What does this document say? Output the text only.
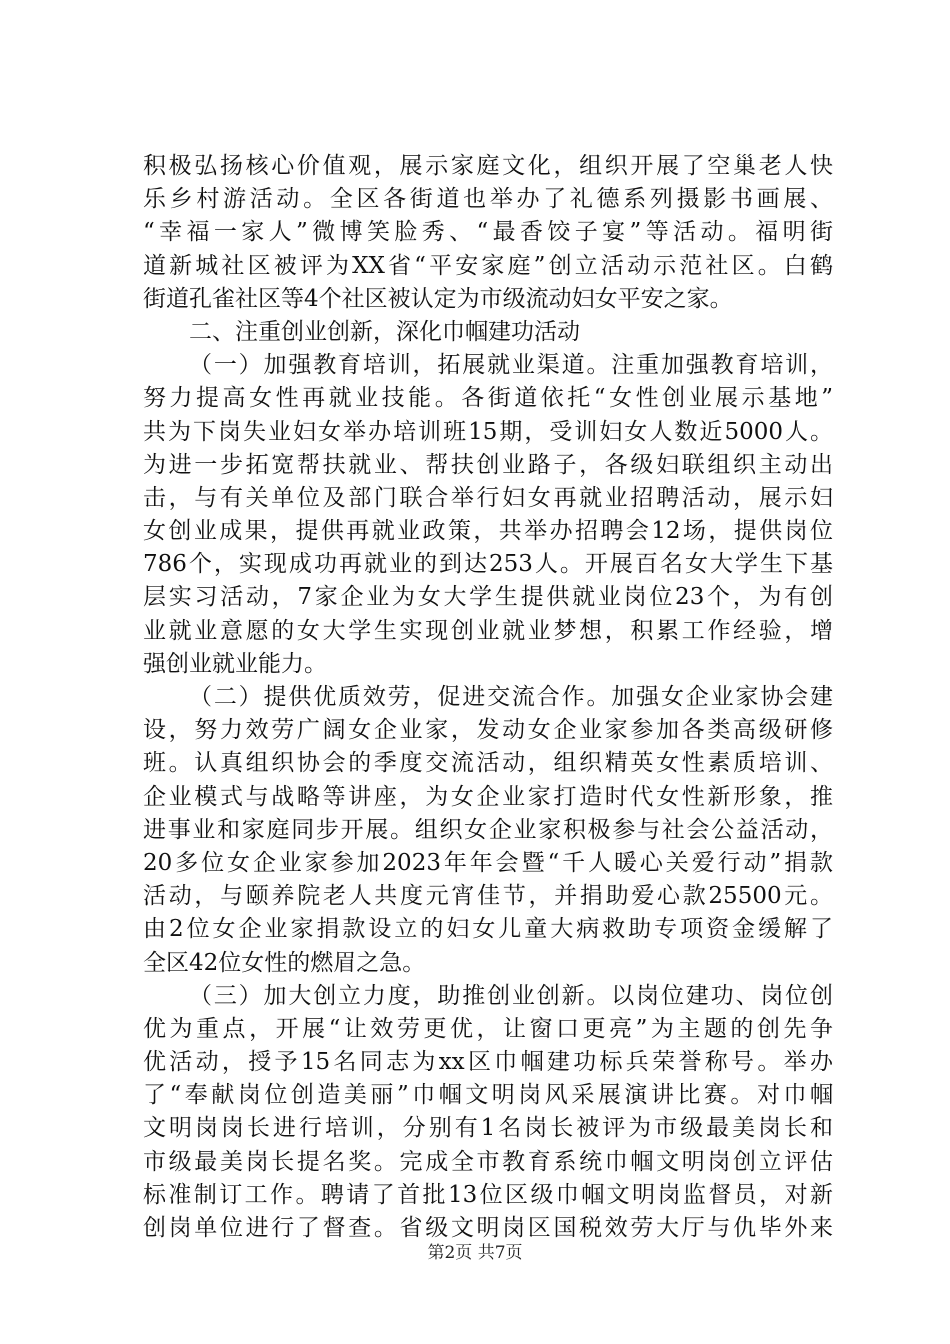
积极弘扬核心价值观，展示家庭文化，组织开展了空巢老人快
乐乡村游活动。全区各街道也举办了礼德系列摄影书画展、
“幸福一家人”微博笑脸秀、“最香饺子宴”等活动。福明街
道新城社区被评为XX省“平安家庭”创立活动示范社区。白鹤
街道孔雀社区等4个社区被认定为市级流动妇女平安之家。
二、注重创业创新，深化巾帼建功活动
（一）加强教育培训，拓展就业渠道。注重加强教育培训，
努力提高女性再就业技能。各街道依托“女性创业展示基地”
共为下岗失业妇女举办培训班15期，受训妇女人数近5000人。
为进一步拓宽帮扶就业、帮扶创业路子，各级妇联组织主动出
击，与有关单位及部门联合举行妇女再就业招聘活动，展示妇
女创业成果，提供再就业政策，共举办招聘会12场，提供岗位
786个，实现成功再就业的到达253人。开展百名女大学生下基
层实习活动，7家企业为女大学生提供就业岗位23个，为有创
业就业意愿的女大学生实现创业就业梦想，积累工作经验，增
强创业就业能力。
（二）提供优质效劳，促进交流合作。加强女企业家协会建
设，努力效劳广阔女企业家，发动女企业家参加各类高级研修
班。认真组织协会的季度交流活动，组织精英女性素质培训、
企业模式与战略等讲座，为女企业家打造时代女性新形象，推
进事业和家庭同步开展。组织女企业家积极参与社会公益活动，
20多位女企业家参加2023年年会暨“千人暖心关爱行动”捐款
活动，与颐养院老人共度元宵佳节，并捐助爱心款25500元。
由2位女企业家捐款设立的妇女儿童大病救助专项资金缓解了
全区42位女性的燃眉之急。
（三）加大创立力度，助推创业创新。以岗位建功、岗位创
优为重点，开展“让效劳更优，让窗口更亮”为主题的创先争
优活动，授予15名同志为xx区巾帼建功标兵荣誉称号。举办
了“奉献岗位创造美丽”巾帼文明岗风采展演讲比赛。对巾帼
文明岗岗长进行培训，分别有1名岗长被评为市级最美岗长和
市级最美岗长提名奖。完成全市教育系统巾帼文明岗创立评估
标准制订工作。聘请了首批13位区级巾帼文明岗监督员，对新
创岗单位进行了督查。省级文明岗区国税效劳大厅与仇毕外来
第2页 共7页
